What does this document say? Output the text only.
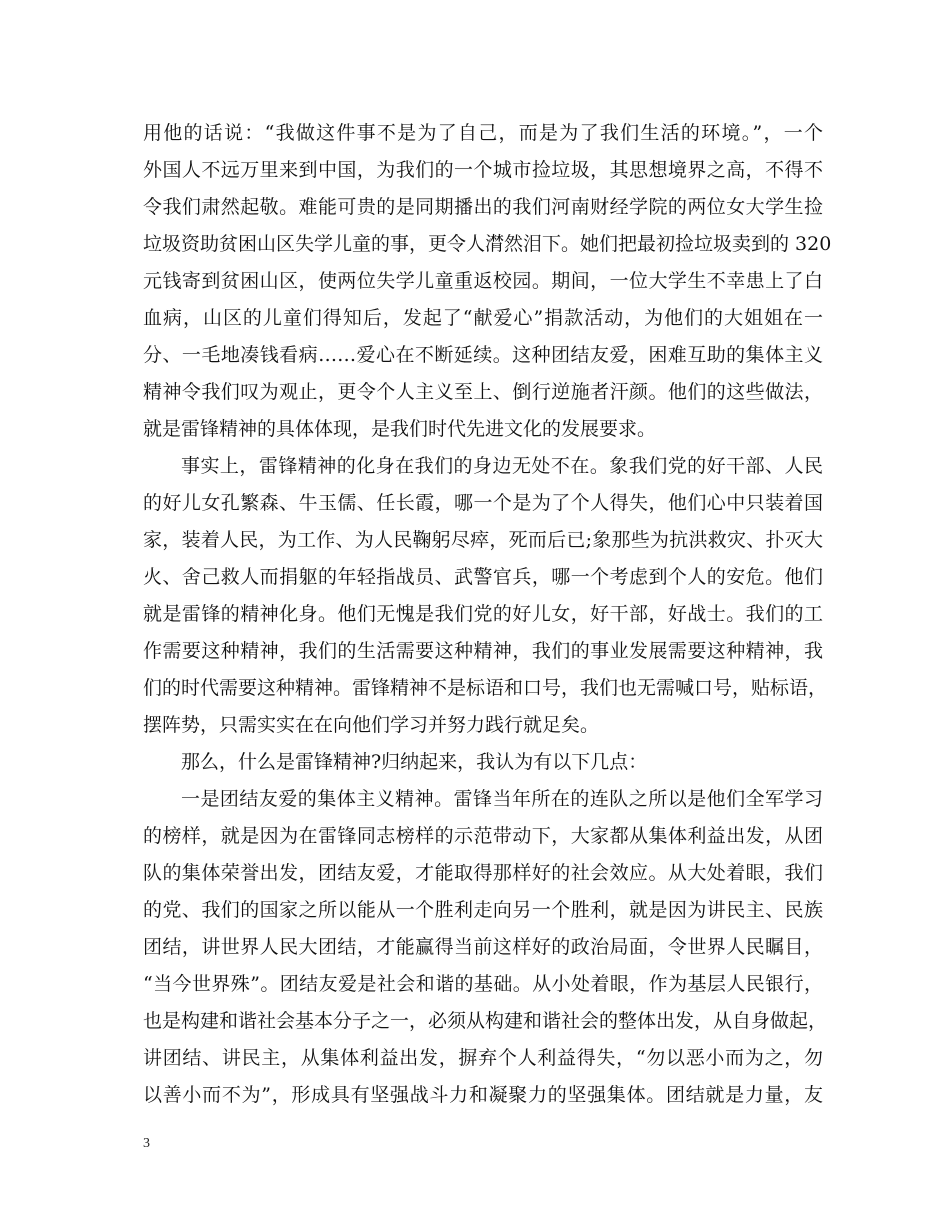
用他的话说：“我做这件事不是为了自己，而是为了我们生活的环境。”，一个
外国人不远万里来到中国，为我们的一个城市捡垃圾，其思想境界之高，不得不
令我们肃然起敬。难能可贵的是同期播出的我们河南财经学院的两位女大学生捡
垃圾资助贫困山区失学儿童的事，更令人潸然泪下。她们把最初捡垃圾卖到的 320
元钱寄到贫困山区，使两位失学儿童重返校园。期间，一位大学生不幸患上了白
血病，山区的儿童们得知后，发起了“献爱心”捐款活动，为他们的大姐姐在一
分、一毛地凑钱看病……爱心在不断延续。这种团结友爱，困难互助的集体主义
精神令我们叹为观止，更令个人主义至上、倒行逆施者汗颜。他们的这些做法，
就是雷锋精神的具体体现，是我们时代先进文化的发展要求。
事实上，雷锋精神的化身在我们的身边无处不在。象我们党的好干部、人民
的好儿女孔繁森、牛玉儒、任长霞，哪一个是为了个人得失，他们心中只装着国
家，装着人民，为工作、为人民鞠躬尽瘁，死而后已;象那些为抗洪救灾、扑灭大
火、舍己救人而捐躯的年轻指战员、武警官兵，哪一个考虑到个人的安危。他们
就是雷锋的精神化身。他们无愧是我们党的好儿女，好干部，好战士。我们的工
作需要这种精神，我们的生活需要这种精神，我们的事业发展需要这种精神，我
们的时代需要这种精神。雷锋精神不是标语和口号，我们也无需喊口号，贴标语，
摆阵势，只需实实在在向他们学习并努力践行就足矣。
那么，什么是雷锋精神?归纳起来，我认为有以下几点：
一是团结友爱的集体主义精神。雷锋当年所在的连队之所以是他们全军学习
的榜样，就是因为在雷锋同志榜样的示范带动下，大家都从集体利益出发，从团
队的集体荣誉出发，团结友爱，才能取得那样好的社会效应。从大处着眼，我们
的党、我们的国家之所以能从一个胜利走向另一个胜利，就是因为讲民主、民族
团结，讲世界人民大团结，才能赢得当前这样好的政治局面，令世界人民瞩目，
“当今世界殊”。团结友爱是社会和谐的基础。从小处着眼，作为基层人民银行，
也是构建和谐社会基本分子之一，必须从构建和谐社会的整体出发，从自身做起，
讲团结、讲民主，从集体利益出发，摒弃个人利益得失，“勿以恶小而为之，勿
以善小而不为”，形成具有坚强战斗力和凝聚力的坚强集体。团结就是力量，友
3
